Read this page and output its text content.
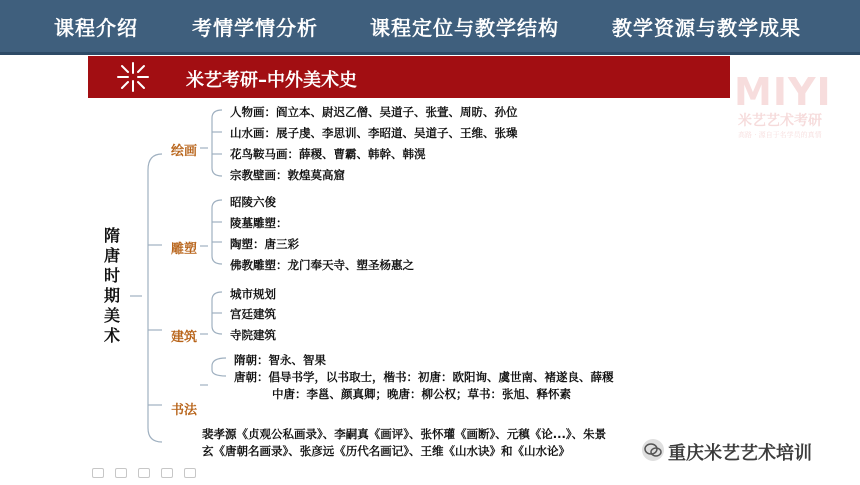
课程介绍	考情学情分析	课程定位与教学结构	教学资源与教学成果
米艺考研–中外美术史	MIYI
米艺艺术考研
高路 · 源自于名学员的真情
隋唐时期美术
绘画
雕塑
建筑
书法
人物画：阎立本、尉迟乙僧、吴道子、张萱、周昉、孙位
山水画：展子虔、李思训、李昭道、吴道子、王维、张璪
花鸟鞍马画：薛稷、曹霸、韩幹、韩滉
宗教壁画：敦煌莫高窟
昭陵六俊
陵墓雕塑：
陶塑：唐三彩
佛教雕塑：龙门奉天寺、塑圣杨惠之
城市规划
宫廷建筑
寺院建筑
隋朝：智永、智果
唐朝：倡导书学，以书取士，楷书：初唐：欧阳询、虞世南、褚遂良、薛稷
中唐：李邕、颜真卿；晚唐：柳公权；草书：张旭、释怀素
裴孝源《贞观公私画录》、李嗣真《画评》、张怀瓘《画断》、元稹《论...》、朱景
玄《唐朝名画录》、张彦远《历代名画记》、王维《山水诀》和《山水论》
	重庆米艺艺术培训
